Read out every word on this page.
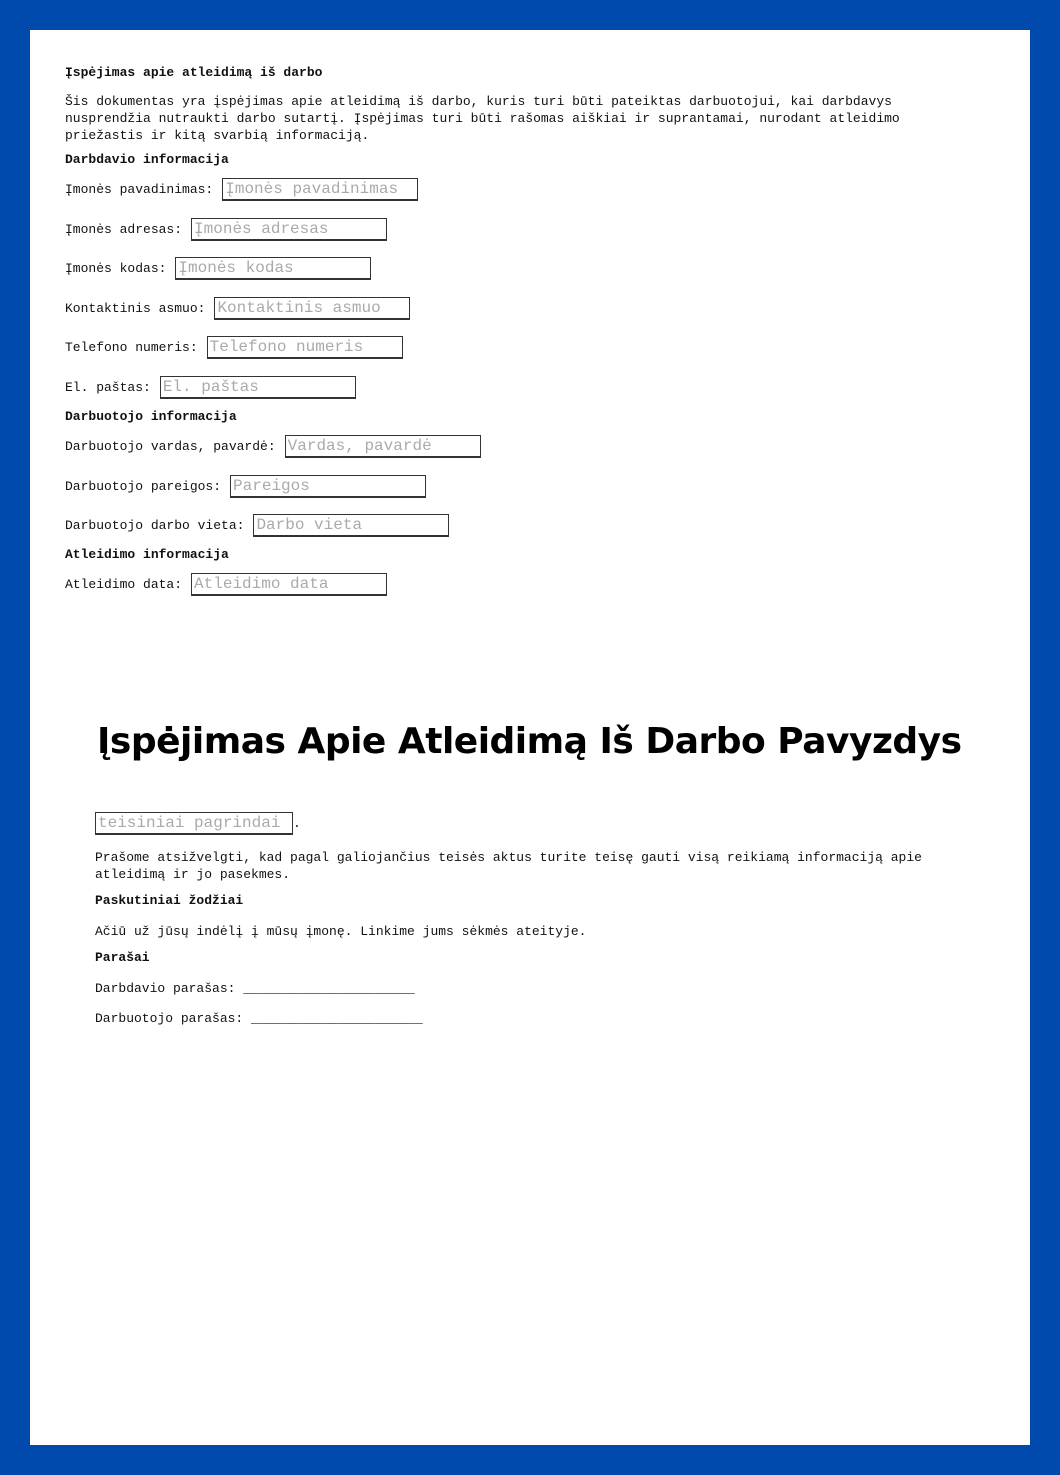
Įspėjimas apie atleidimą iš darbo
Šis dokumentas yra įspėjimas apie atleidimą iš darbo, kuris turi būti pateiktas darbuotojui, kai darbdavys nusprendžia nutraukti darbo sutartį. Įspėjimas turi būti rašomas aiškiai ir suprantamai, nurodant atleidimo priežastis ir kitą svarbią informaciją.
Darbdavio informacija
Įmonės pavadinimas:
Įmonės pavadinimas
Įmonės adresas:
Įmonės adresas
Įmonės kodas:
Įmonės kodas
Kontaktinis asmuo:
Kontaktinis asmuo
Telefono numeris:
Telefono numeris
El. paštas:
El. paštas
Darbuotojo informacija
Darbuotojo vardas, pavardė:
Vardas, pavardė
Darbuotojo pareigos:
Pareigos
Darbuotojo darbo vieta:
Darbo vieta
Atleidimo informacija
Atleidimo data:
Atleidimo data
Įspėjimas Apie Atleidimą Iš Darbo Pavyzdys
teisiniai pagrindai.
Prašome atsižvelgti, kad pagal galiojančius teisės aktus turite teisę gauti visą reikiamą informaciją apie atleidimą ir jo pasekmes.
Paskutiniai žodžiai
Ačiū už jūsų indėlį į mūsų įmonę. Linkime jums sėkmės ateityje.
Parašai
Darbdavio parašas: ______________________
Darbuotojo parašas: ______________________
